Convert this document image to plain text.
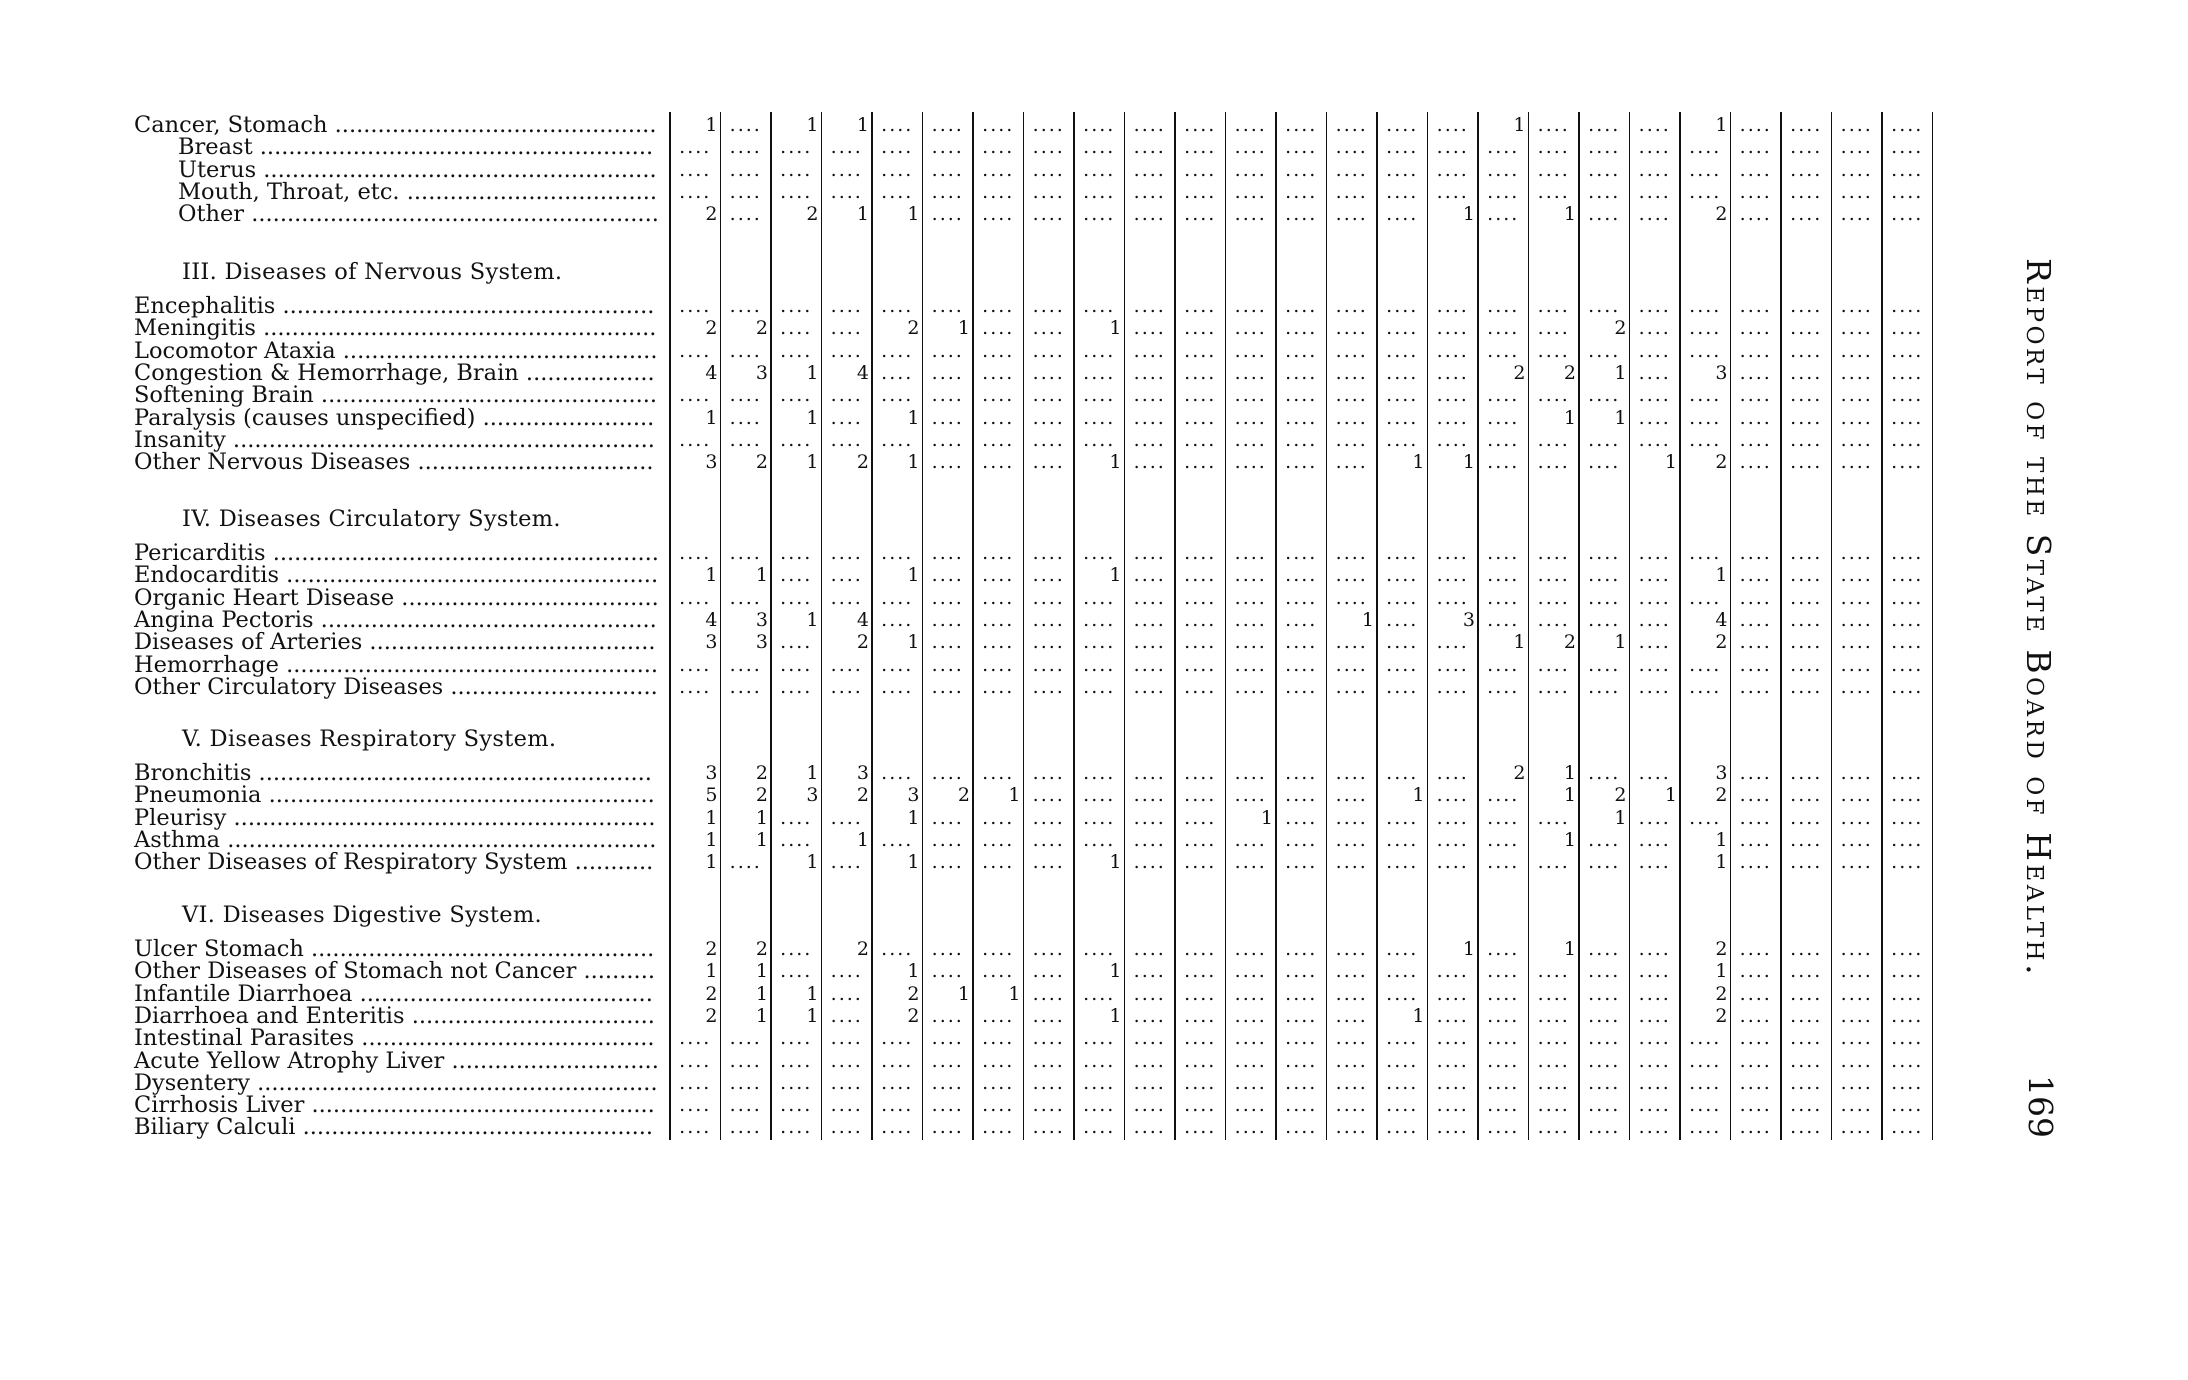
Cancer, Stomach .............................................	1 ....	1	1 .... .... .... .... .... .... .... .... .... .... .... ....	1 .... .... ....	1 .... .... .... ....
Breast .......................................................	.... .... .... .... .... .... .... .... .... .... .... .... .... .... .... .... .... .... .... .... .... .... .... .... ....
Uterus .......................................................	.... .... .... .... .... .... .... .... .... .... .... .... .... .... .... .... .... .... .... .... .... .... .... .... ....
Mouth, Throat, etc. ...................................	.... .... .... .... .... .... .... .... .... .... .... .... .... .... .... .... .... .... .... .... .... .... .... .... ....
Other .........................................................	2 ....	2	1	1 .... .... .... .... .... .... .... .... .... ....	1 ....	1 .... ....	2 .... .... .... ....
III. Diseases of Nervous System.
Encephalitis ....................................................	.... .... .... .... .... .... .... .... .... .... .... .... .... .... .... .... .... .... .... .... .... .... .... .... ....
Meningitis .......................................................	2	2 .... ....	2	1 .... ....	1 .... .... .... .... .... .... .... .... ....	2 .... .... .... .... .... ....
Locomotor Ataxia ............................................	.... .... .... .... .... .... .... .... .... .... .... .... .... .... .... .... .... .... .... .... .... .... .... .... ....
Congestion & Hemorrhage, Brain ..................	4	3	1	4 .... .... .... .... .... .... .... .... .... .... .... ....	2	2	1 ....	3 .... .... .... ....
Softening Brain ...............................................	.... .... .... .... .... .... .... .... .... .... .... .... .... .... .... .... .... .... .... .... .... .... .... .... ....
Paralysis (causes unspecified) ........................	1 ....	1 ....	1 .... .... .... .... .... .... .... .... .... .... .... ....	1	1 .... .... .... .... .... ....
Insanity ...........................................................	.... .... .... .... .... .... .... .... .... .... .... .... .... .... .... .... .... .... .... .... .... .... .... .... ....
Other Nervous Diseases .................................	3	2	1	2	1 .... .... ....	1 .... .... .... .... ....	1	1 .... .... ....	1	2 .... .... .... ....
IV. Diseases Circulatory System.
Pericarditis ......................................................	.... .... .... .... .... .... .... .... .... .... .... .... .... .... .... .... .... .... .... .... .... .... .... .... ....
Endocarditis ....................................................	1	1 .... ....	1 .... .... ....	1 .... .... .... .... .... .... .... .... .... .... ....	1 .... .... .... ....
Organic Heart Disease ....................................	.... .... .... .... .... .... .... .... .... .... .... .... .... .... .... .... .... .... .... .... .... .... .... .... ....
Angina Pectoris ...............................................	4	3	1	4 .... .... .... .... .... .... .... .... ....	1 ....	3 .... .... .... ....	4 .... .... .... ....
Diseases of Arteries ........................................	3	3 ....	2	1 .... .... .... .... .... .... .... .... .... .... ....	1	2	1 ....	2 .... .... .... ....
Hemorrhage ....................................................	.... .... .... .... .... .... .... .... .... .... .... .... .... .... .... .... .... .... .... .... .... .... .... .... ....
Other Circulatory Diseases .............................	.... .... .... .... .... .... .... .... .... .... .... .... .... .... .... .... .... .... .... .... .... .... .... .... ....
V. Diseases Respiratory System.
Bronchitis .......................................................	3	2	1	3 .... .... .... .... .... .... .... .... .... .... .... ....	2	1 .... ....	3 .... .... .... ....
Pneumonia ......................................................	5	2	3	2	3	2	1 .... .... .... .... .... .... ....	1 .... ....	1	2	1	2 .... .... .... ....
Pleurisy ...........................................................	1	1 .... ....	1 .... .... .... .... .... ....	1 .... .... .... .... .... ....	1 .... .... .... .... .... ....
Asthma ............................................................	1	1 ....	1 .... .... .... .... .... .... .... .... .... .... .... .... ....	1 .... ....	1 .... .... .... ....
Other Diseases of Respiratory System ...........	1 ....	1 ....	1 .... .... ....	1 .... .... .... .... .... .... .... .... .... .... ....	1 .... .... .... ....
VI. Diseases Digestive System.
Ulcer Stomach ................................................	2	2 ....	2 .... .... .... .... .... .... .... .... .... .... ....	1 ....	1 .... ....	2 .... .... .... ....
Other Diseases of Stomach not Cancer ..........	1	1 .... ....	1 .... .... ....	1 .... .... .... .... .... .... .... .... .... .... ....	1 .... .... .... ....
Infantile Diarrhoea .........................................	2	1	1 ....	2	1	1 .... .... .... .... .... .... .... .... .... .... .... .... ....	2 .... .... .... ....
Diarrhoea and Enteritis ..................................	2	1	1 ....	2 .... .... ....	1 .... .... .... .... ....	1 .... .... .... .... ....	2 .... .... .... ....
Intestinal Parasites .........................................	.... .... .... .... .... .... .... .... .... .... .... .... .... .... .... .... .... .... .... .... .... .... .... .... ....
Acute Yellow Atrophy Liver .............................	.... .... .... .... .... .... .... .... .... .... .... .... .... .... .... .... .... .... .... .... .... .... .... .... ....
Dysentery ........................................................	.... .... .... .... .... .... .... .... .... .... .... .... .... .... .... .... .... .... .... .... .... .... .... .... ....
Cirrhosis Liver ................................................	.... .... .... .... .... .... .... .... .... .... .... .... .... .... .... .... .... .... .... .... .... .... .... .... ....
Biliary Calculi .................................................	.... .... .... .... .... .... .... .... .... .... .... .... .... .... .... .... .... .... .... .... .... .... .... .... ....
Report of the State Board of Health.
169
